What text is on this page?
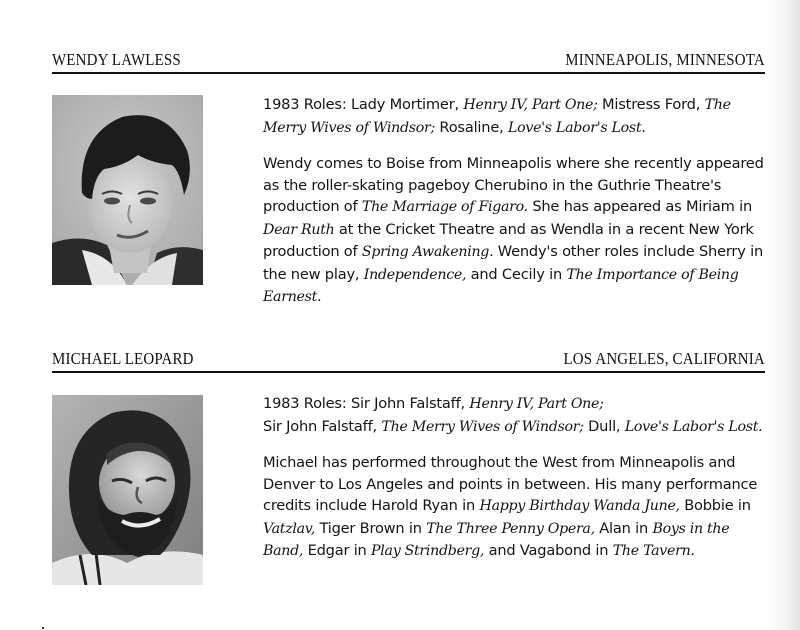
WENDY LAWLESS	MINNEAPOLIS, MINNESOTA

1983 Roles: Lady Mortimer, Henry IV, Part One; Mistress Ford, The Merry Wives of Windsor; Rosaline, Love's Labor's Lost.

Wendy comes to Boise from Minneapolis where she recently appeared as the roller-skating pageboy Cherubino in the Guthrie Theatre's production of The Marriage of Figaro. She has appeared as Miriam in Dear Ruth at the Cricket Theatre and as Wendla in a recent New York production of Spring Awakening. Wendy's other roles include Sherry in the new play, Independence, and Cecily in The Importance of Being Earnest.

MICHAEL LEOPARD	LOS ANGELES, CALIFORNIA

1983 Roles: Sir John Falstaff, Henry IV, Part One;
Sir John Falstaff, The Merry Wives of Windsor; Dull, Love's Labor's Lost.

Michael has performed throughout the West from Minneapolis and Denver to Los Angeles and points in between. His many performance credits include Harold Ryan in Happy Birthday Wanda June, Bobbie in Vatzlav, Tiger Brown in The Three Penny Opera, Alan in Boys in the Band, Edgar in Play Strindberg, and Vagabond in The Tavern.
